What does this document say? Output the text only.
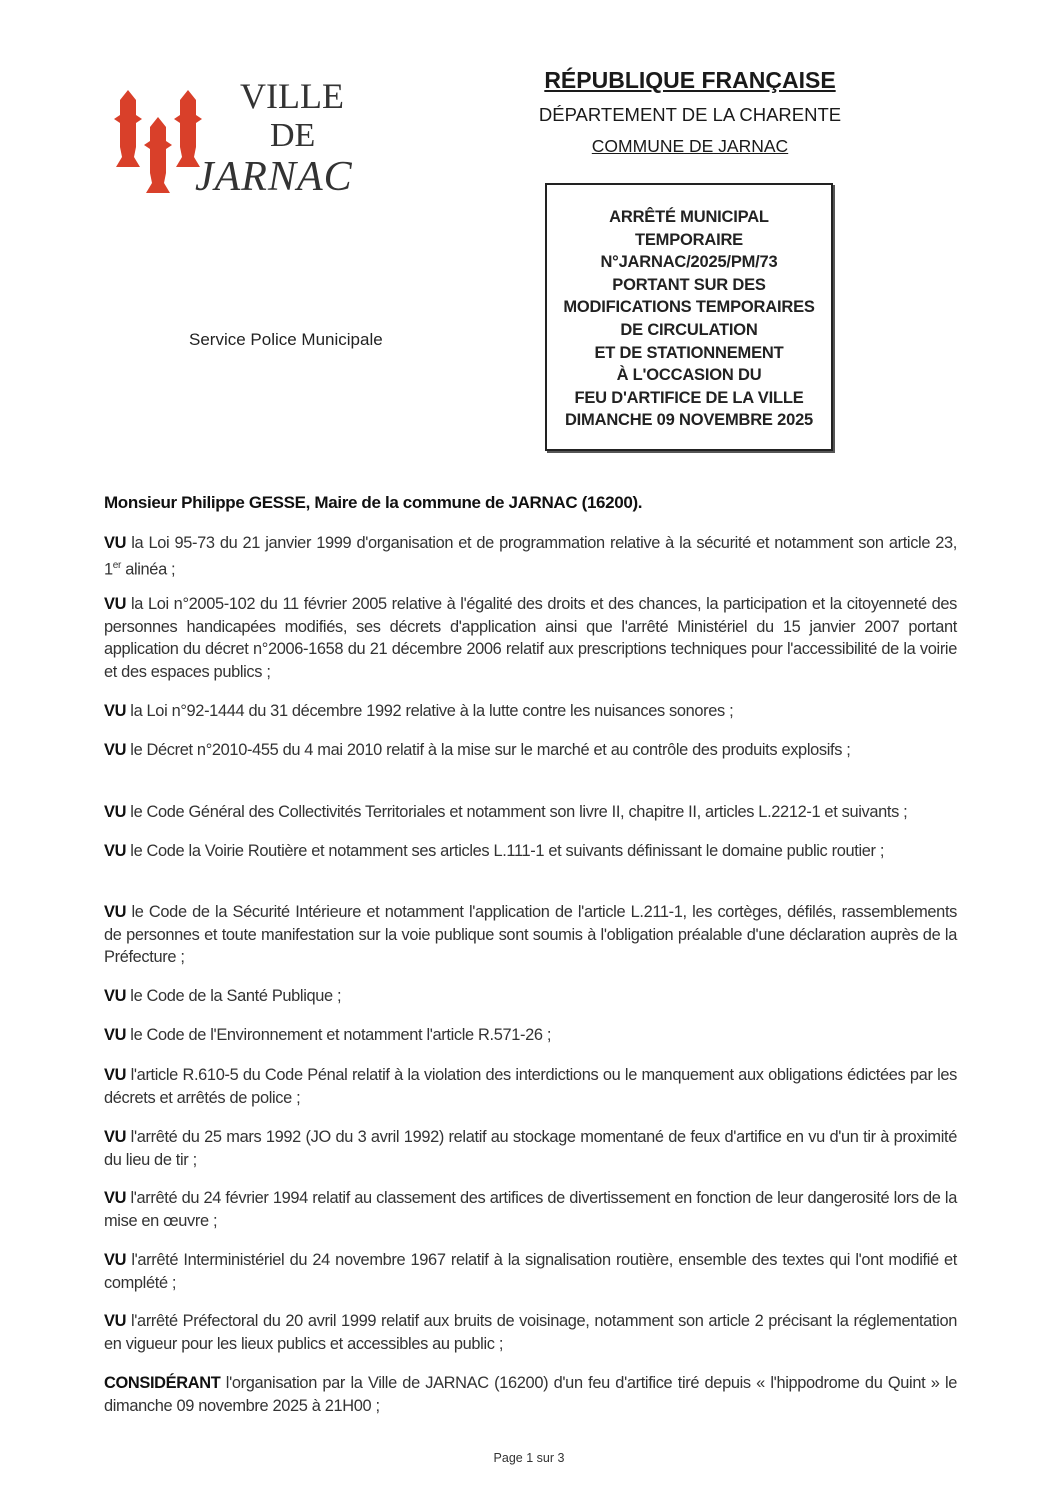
VILLE
DE
JARNAC
RÉPUBLIQUE FRANÇAISE
DÉPARTEMENT DE LA CHARENTE
COMMUNE DE JARNAC
ARRÊTÉ MUNICIPAL
TEMPORAIRE
N°JARNAC/2025/PM/73
PORTANT SUR DES
MODIFICATIONS TEMPORAIRES
DE CIRCULATION
ET DE STATIONNEMENT
À L'OCCASION DU
FEU D'ARTIFICE DE LA VILLE
DIMANCHE 09 NOVEMBRE 2025
Service Police Municipale
Monsieur Philippe GESSE, Maire de la commune de JARNAC (16200).
VU la Loi 95-73 du 21 janvier 1999 d'organisation et de programmation relative à la sécurité et notamment son article 23, 1er alinéa ;
VU la Loi n°2005-102 du 11 février 2005 relative à l'égalité des droits et des chances, la participation et la citoyenneté des personnes handicapées modifiés, ses décrets d'application ainsi que l'arrêté Ministériel du 15 janvier 2007 portant application du décret n°2006-1658 du 21 décembre 2006 relatif aux prescriptions techniques pour l'accessibilité de la voirie et des espaces publics ;
VU la Loi n°92-1444 du 31 décembre 1992 relative à la lutte contre les nuisances sonores ;
VU le Décret n°2010-455 du 4 mai 2010 relatif à la mise sur le marché et au contrôle des produits explosifs ;
VU le Code Général des Collectivités Territoriales et notamment son livre II, chapitre II, articles L.2212-1 et suivants ;
VU le Code la Voirie Routière et notamment ses articles L.111-1 et suivants définissant le domaine public routier ;
VU le Code de la Sécurité Intérieure et notamment l'application de l'article L.211-1, les cortèges, défilés, rassemblements de personnes et toute manifestation sur la voie publique sont soumis à l'obligation préalable d'une déclaration auprès de la Préfecture ;
VU le Code de la Santé Publique ;
VU le Code de l'Environnement et notamment l'article R.571-26 ;
VU l'article R.610-5 du Code Pénal relatif à la violation des interdictions ou le manquement aux obligations édictées par les décrets et arrêtés de police ;
VU l'arrêté du 25 mars 1992 (JO du 3 avril 1992) relatif au stockage momentané de feux d'artifice en vu d'un tir à proximité du lieu de tir ;
VU l'arrêté du 24 février 1994 relatif au classement des artifices de divertissement en fonction de leur dangerosité lors de la mise en œuvre ;
VU l'arrêté Interministériel du 24 novembre 1967 relatif à la signalisation routière, ensemble des textes qui l'ont modifié et complété ;
VU l'arrêté Préfectoral du 20 avril 1999 relatif aux bruits de voisinage, notamment son article 2 précisant la réglementation en vigueur pour les lieux publics et accessibles au public ;
CONSIDÉRANT l'organisation par la Ville de JARNAC (16200) d'un feu d'artifice tiré depuis « l'hippodrome du Quint » le dimanche 09 novembre 2025 à 21H00 ;
Page 1 sur 3
